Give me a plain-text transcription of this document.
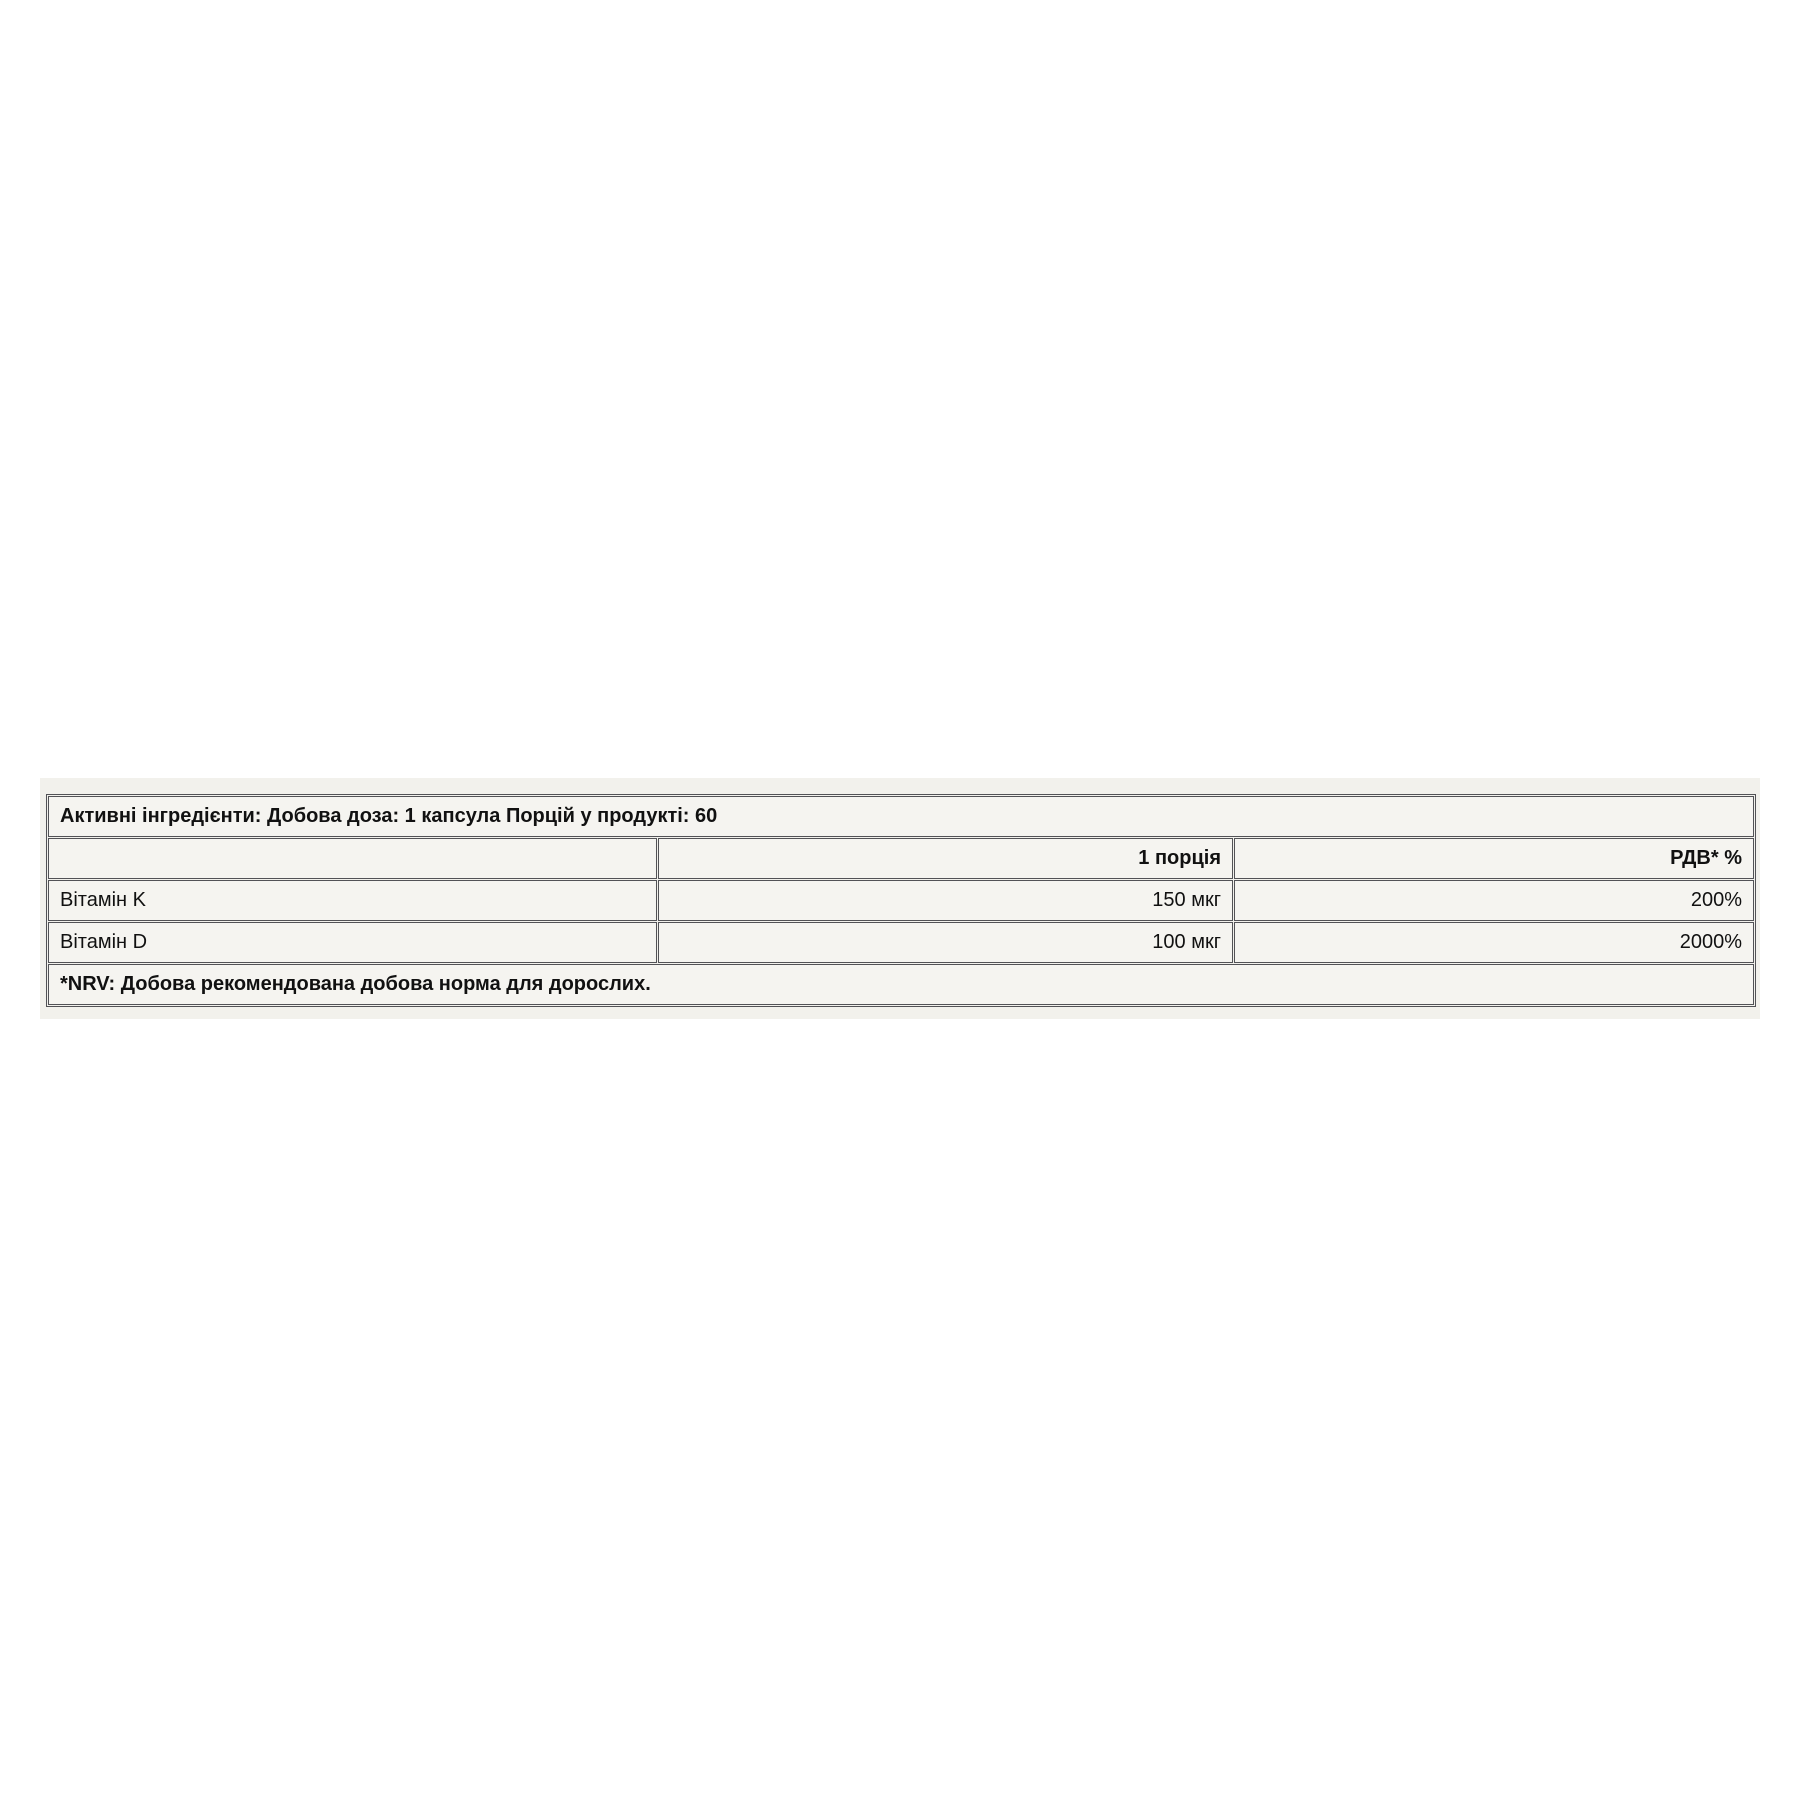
Активні інгредієнти: Добова доза: 1 капсула Порцій у продукті: 60		
	1 порція	РДВ* %
Вітамін K	150 мкг	200%
Вітамін D	100 мкг	2000%
*NRV: Добова рекомендована добова норма для дорослих.		
